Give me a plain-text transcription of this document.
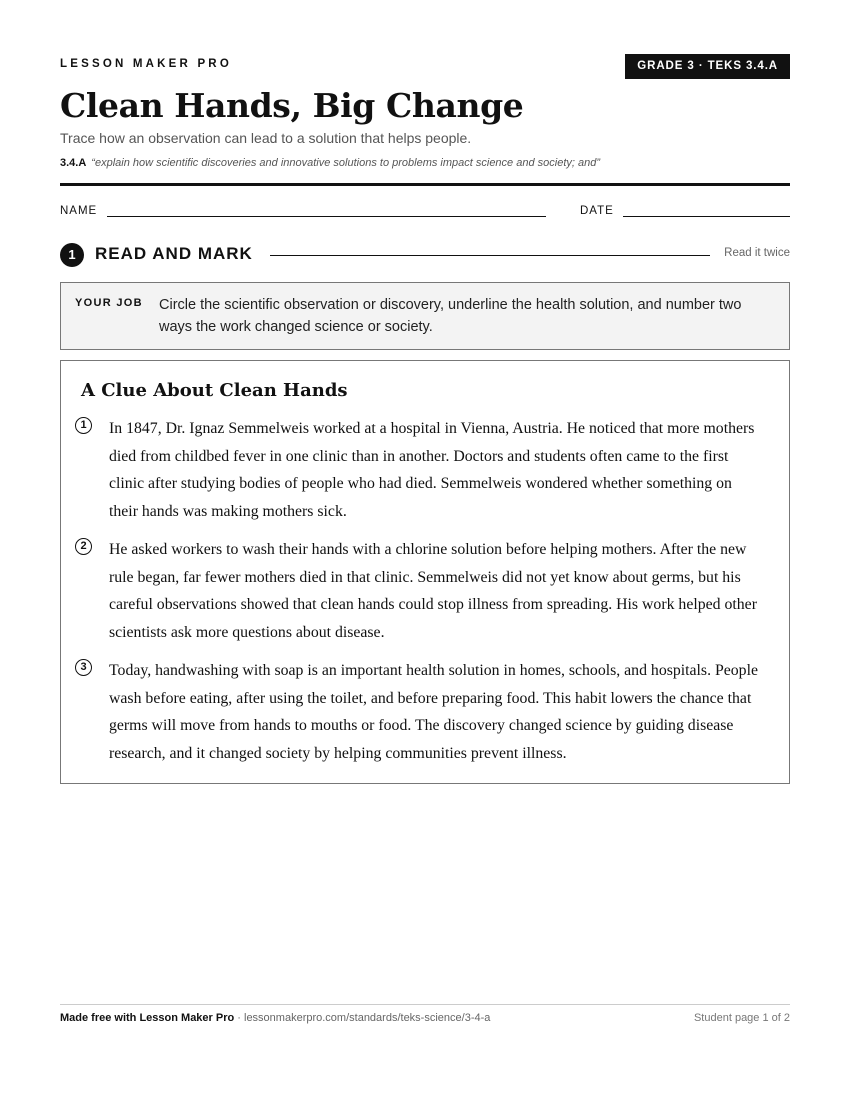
LESSON MAKER PRO	GRADE 3 · TEKS 3.4.A
Clean Hands, Big Change
Trace how an observation can lead to a solution that helps people.
3.4.A “explain how scientific discoveries and innovative solutions to problems impact science and society; and”
NAME	DATE
1	READ AND MARK	Read it twice
YOUR JOB Circle the scientific observation or discovery, underline the health solution, and number two ways the work changed science or society.
A Clue About Clean Hands
1	In 1847, Dr. Ignaz Semmelweis worked at a hospital in Vienna, Austria. He noticed that more mothers died from childbed fever in one clinic than in another. Doctors and students often came to the first clinic after studying bodies of people who had died. Semmelweis wondered whether something on their hands was making mothers sick.
2	He asked workers to wash their hands with a chlorine solution before helping mothers. After the new rule began, far fewer mothers died in that clinic. Semmelweis did not yet know about germs, but his careful observations showed that clean hands could stop illness from spreading. His work helped other scientists ask more questions about disease.
3	Today, handwashing with soap is an important health solution in homes, schools, and hospitals. People wash before eating, after using the toilet, and before preparing food. This habit lowers the chance that germs will move from hands to mouths or food. The discovery changed science by guiding disease research, and it changed society by helping communities prevent illness.
Made free with Lesson Maker Pro · lessonmakerpro.com/standards/teks-science/3-4-a	Student page 1 of 2
